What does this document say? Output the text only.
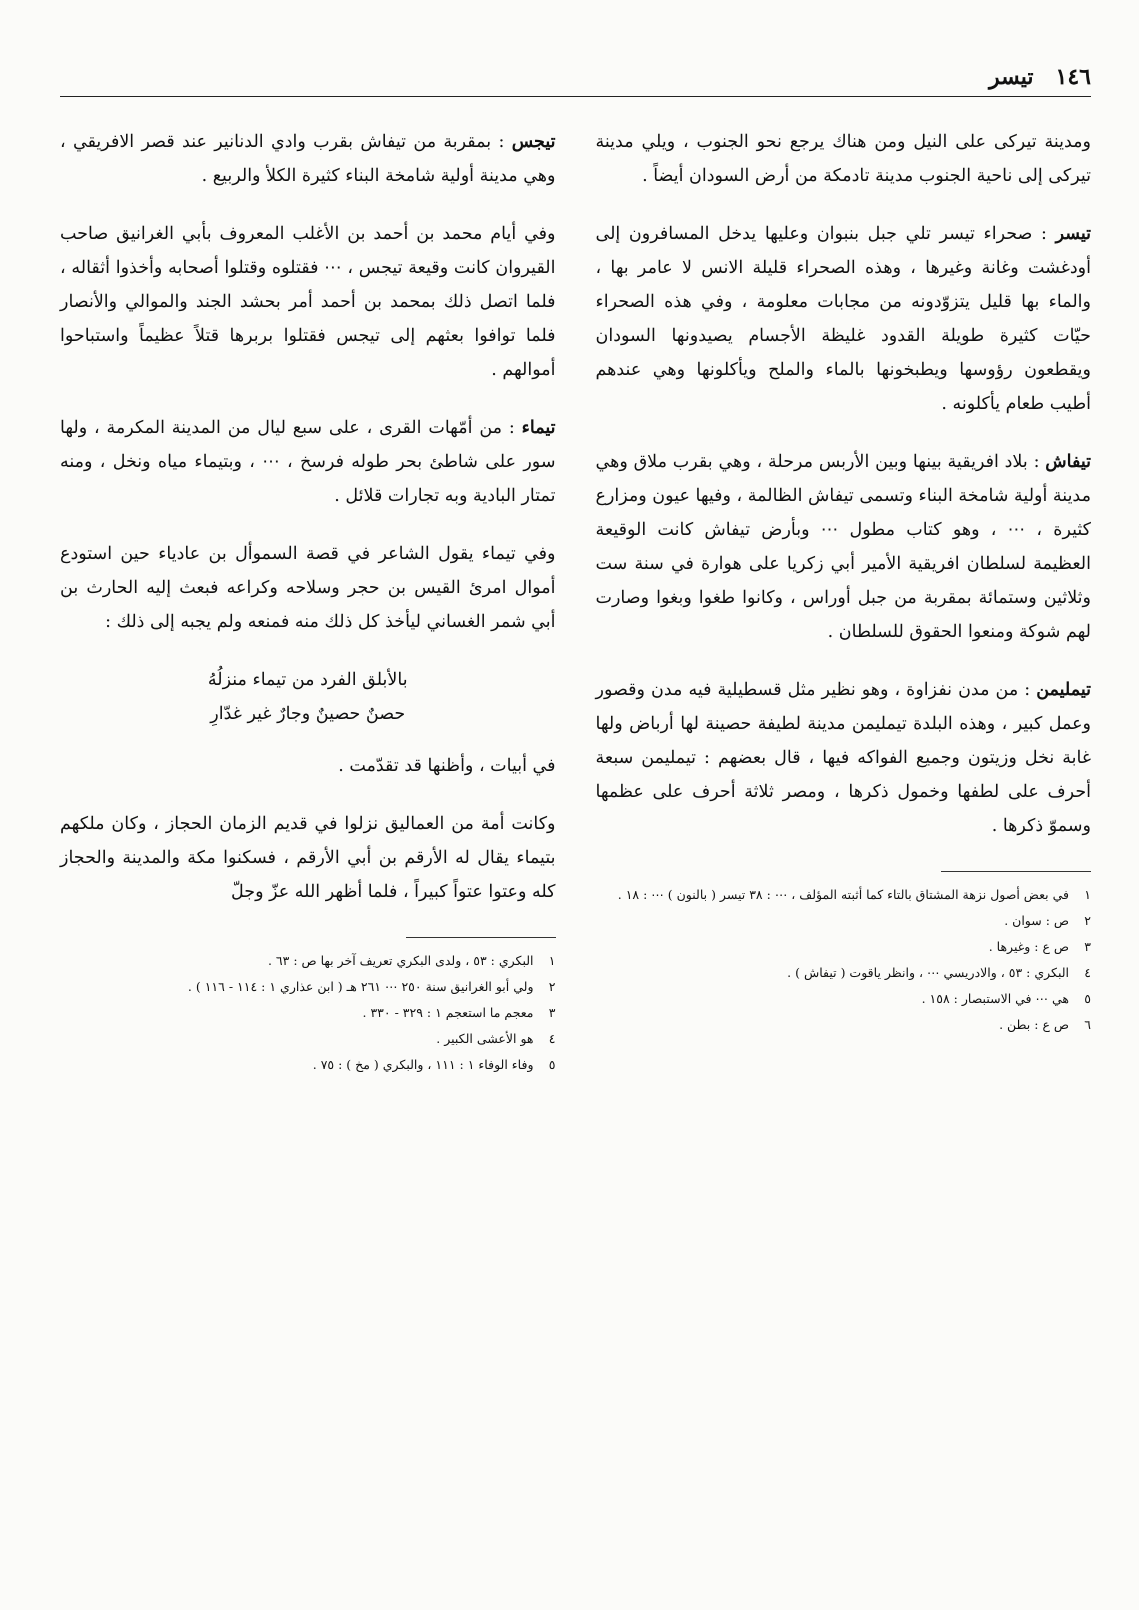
١٤٦
تيسر

ومدينة تيركى على النيل ومن هناك يرجع نحو الجنوب ، ويلي مدينة تيركى إلى ناحية الجنوب مدينة تادمكة من أرض السودان أيضاً .

تيسر : صحراء تيسر تلي جبل بنبوان وعليها يدخل المسافرون إلى أودغشت وغانة وغيرها ، وهذه الصحراء قليلة الانس لا عامر بها ، والماء بها قليل يتزوّدونه من مجابات معلومة ، وفي هذه الصحراء حيّات كثيرة طويلة القدود غليظة الأجسام يصيدونها السودان ويقطعون رؤوسها ويطبخونها بالماء والملح ويأكلونها وهي عندهم أطيب طعام يأكلونه .

تيفاش : بلاد افريقية بينها وبين الأربس مرحلة ، وهي بقرب ملاق وهي مدينة أولية شامخة البناء وتسمى تيفاش الظالمة ، وفيها عيون ومزارع كثيرة ، ⋯ ، وهو كتاب مطول ⋯ وبأرض تيفاش كانت الوقيعة العظيمة لسلطان افريقية الأمير أبي زكريا على هوارة في سنة ست وثلاثين وستمائة بمقربة من جبل أوراس ، وكانوا طغوا وبغوا وصارت لهم شوكة ومنعوا الحقوق للسلطان .

تيمليمن : من مدن نفزاوة ، وهو نظير مثل قسطيلية فيه مدن وقصور وعمل كبير ، وهذه البلدة تيمليمن مدينة لطيفة حصينة لها أرباض ولها غابة نخل وزيتون وجميع الفواكه فيها ، قال بعضهم : تيمليمن سبعة أحرف على لطفها وخمول ذكرها ، ومصر ثلاثة أحرف على عظمها وسموّ ذكرها .

١في بعض أصول نزهة المشتاق بالتاء كما أثبته المؤلف ، ⋯ : ٣٨ تيسر ( بالنون ) ⋯ : ١٨ .
٢ص : سوان .
٣ص ع : وغيرها .
٤البكري : ٥٣ ، والادريسي ⋯ ، وانظر ياقوت ( تيفاش ) .
٥هي ⋯ في الاستبصار : ١٥٨ .
٦ص ع : بطن .

تيجس : بمقربة من تيفاش بقرب وادي الدنانير عند قصر الافريقي ، وهي مدينة أولية شامخة البناء كثيرة الكلأ والربيع .

وفي أيام محمد بن أحمد بن الأغلب المعروف بأبي الغرانيق صاحب القيروان كانت وقيعة تيجس ، ⋯ فقتلوه وقتلوا أصحابه وأخذوا أثقاله ، فلما اتصل ذلك بمحمد بن أحمد أمر بحشد الجند والموالي والأنصار فلما توافوا بعثهم إلى تيجس فقتلوا بربرها قتلاً عظيماً واستباحوا أموالهم .

تيماء : من أمّهات القرى ، على سبع ليال من المدينة المكرمة ، ولها سور على شاطئ بحر طوله فرسخ ، ⋯ ، وبتيماء مياه ونخل ، ومنه تمتار البادية وبه تجارات قلائل .

وفي تيماء يقول الشاعر في قصة السموأل بن عادياء حين استودع أموال امرئ القيس بن حجر وسلاحه وكراعه فبعث إليه الحارث بن أبي شمر الغساني ليأخذ كل ذلك منه فمنعه ولم يجبه إلى ذلك :

بالأبلق الفرد من تيماء منزلُهُ
حصنٌ حصينٌ وجارٌ غير غدّارِ

في أبيات ، وأظنها قد تقدّمت .

وكانت أمة من العماليق نزلوا في قديم الزمان الحجاز ، وكان ملكهم بتيماء يقال له الأرقم بن أبي الأرقم ، فسكنوا مكة والمدينة والحجاز كله وعتوا عتواً كبيراً ، فلما أظهر الله عزّ وجلّ

١البكري : ٥٣ ، ولدى البكري تعريف آخر بها ص : ٦٣ .
٢ولي أبو الغرانيق سنة ٢٥٠ ⋯ ٢٦١ هـ ( ابن عذاري ١ : ١١٤ - ١١٦ ) .
٣معجم ما استعجم ١ : ٣٢٩ - ٣٣٠ .
٤هو الأعشى الكبير .
٥وفاء الوفاء ١ : ١١١ ، والبكري ( مخ ) : ٧٥ .
